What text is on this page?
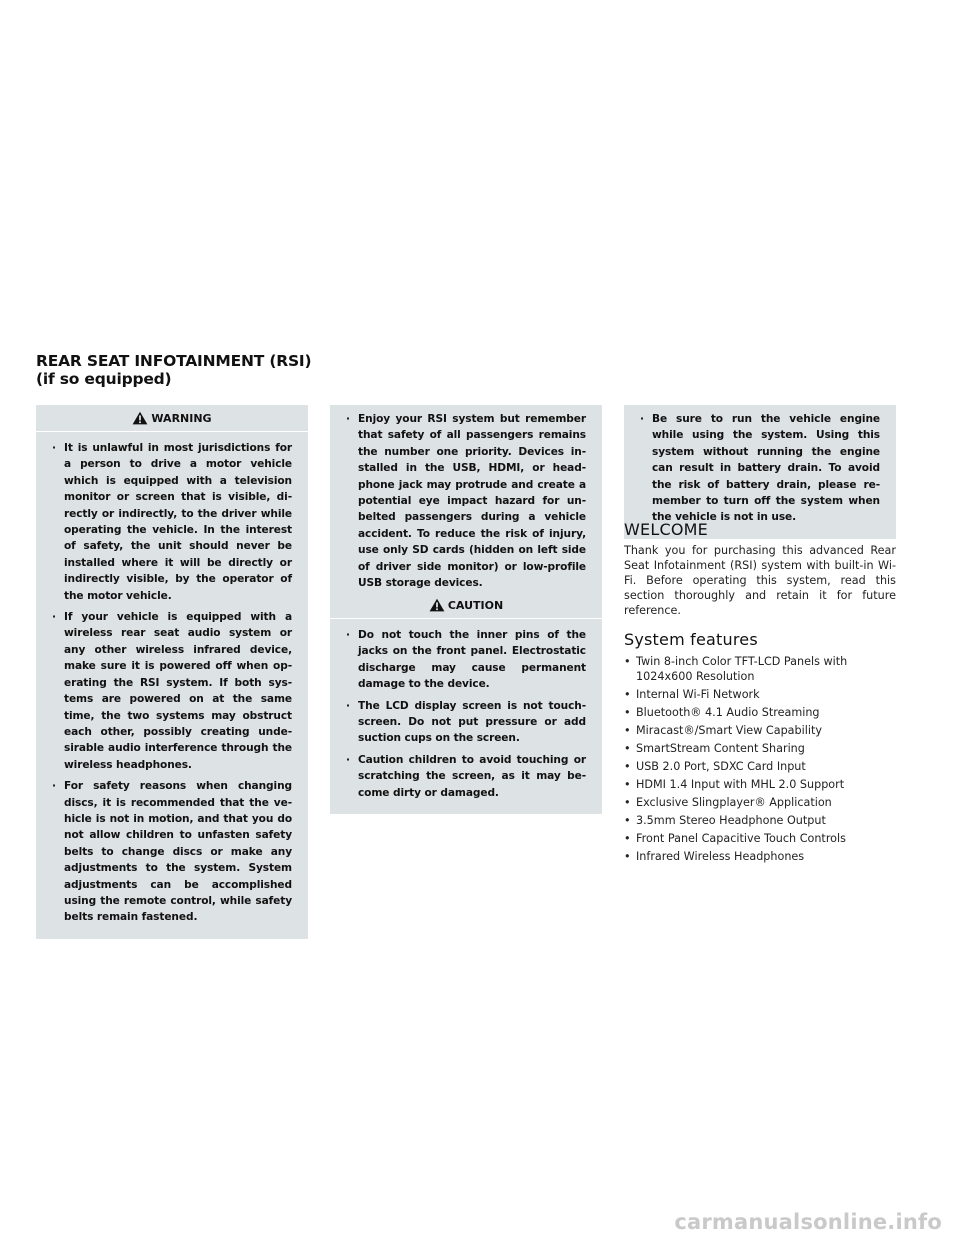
REAR SEAT INFOTAINMENT (RSI) (if so equipped)
WARNING
· It is unlawful in most jurisdictions for a person to drive a motor vehicle which is equipped with a television monitor or screen that is visible, di-rectly or indirectly, to the driver while operating the vehicle. In the interest of safety, the unit should never be installed where it will be directly or indirectly visible, by the operator of the motor vehicle.
· If your vehicle is equipped with a wireless rear seat audio system or any other wireless infrared device, make sure it is powered off when op-erating the RSI system. If both sys-tems are powered on at the same time, the two systems may obstruct each other, possibly creating unde-sirable audio interference through the wireless headphones.
· For safety reasons when changing discs, it is recommended that the ve-hicle is not in motion, and that you do not allow children to unfasten safety belts to change discs or make any adjustments to the system. System adjustments can be accomplished using the remote control, while safety belts remain fastened.
· Enjoy your RSI system but remember that safety of all passengers remains the number one priority. Devices in-stalled in the USB, HDMI, or head-phone jack may protrude and create a potential eye impact hazard for un-belted passengers during a vehicle accident. To reduce the risk of injury, use only SD cards (hidden on left side of driver side monitor) or low-profile USB storage devices.
CAUTION
· Do not touch the inner pins of the jacks on the front panel. Electrostatic discharge may cause permanent damage to the device.
· The LCD display screen is not touch-screen. Do not put pressure or add suction cups on the screen.
· Caution children to avoid touching or scratching the screen, as it may be-come dirty or damaged.
· Be sure to run the vehicle engine while using the system. Using this system without running the engine can result in battery drain. To avoid the risk of battery drain, please re-member to turn off the system when the vehicle is not in use.
WELCOME
Thank you for purchasing this advanced Rear Seat Infotainment (RSI) system with built-in Wi-Fi. Before operating this system, read this section thoroughly and retain it for future reference.
System features
• Twin 8-inch Color TFT-LCD Panels with 1024x600 Resolution
• Internal Wi-Fi Network
• Bluetooth® 4.1 Audio Streaming
• Miracast®/Smart View Capability
• SmartStream Content Sharing
• USB 2.0 Port, SDXC Card Input
• HDMI 1.4 Input with MHL 2.0 Support
• Exclusive Slingplayer® Application
• 3.5mm Stereo Headphone Output
• Front Panel Capacitive Touch Controls
• Infrared Wireless Headphones
carmanualsonline.info
